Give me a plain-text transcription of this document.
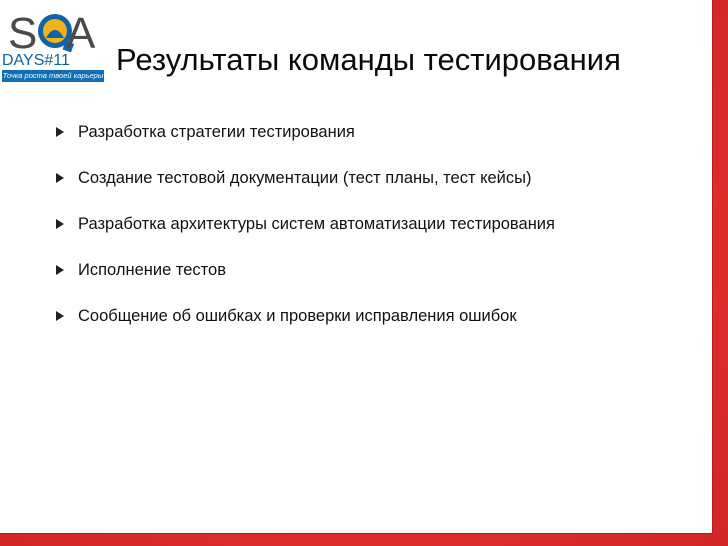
S A
DAYS#11
Точка роста твоей карьеры Результаты команды тестирования
Разработка стратегии тестирования
Создание тестовой документации (тест планы, тест кейсы)
Разработка архитектуры систем автоматизации тестирования
Исполнение тестов
Сообщение об ошибках и проверки исправления ошибок
